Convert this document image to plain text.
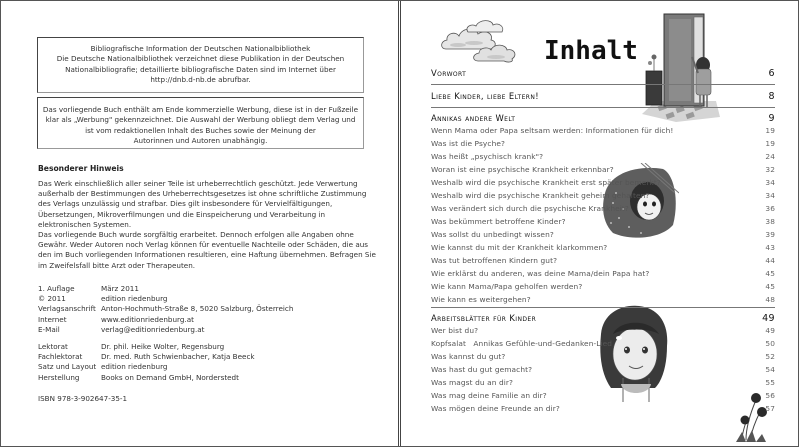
Bibliografische Information der Deutschen Nationalbibliothek

Die Deutsche Nationalbibliothek verzeichnet diese Publikation in der Deutschen

Nationalbibliografie; detaillierte bibliografische Daten sind im Internet über

http://dnb.d-nb.de abrufbar.

Das vorliegende Buch enthält am Ende kommerzielle Werbung, diese ist in der Fußzeile

klar als „Werbung" gekennzeichnet. Die Auswahl der Werbung obliegt dem Verlag und

ist vom redaktionellen Inhalt des Buches sowie der Meinung der

Autorinnen und Autoren unabhängig.

Besonderer Hinweis

Das Werk einschließlich aller seiner Teile ist urheberrechtlich geschützt. Jede Verwertung außerhalb der Bestimmungen des Urheberrechtsgesetzes ist ohne schriftliche Zustimmung des Verlags unzulässig und strafbar. Dies gilt insbesondere für Vervielfältigungen, Übersetzungen, Mikroverfilmungen und die Einspeicherung und Verarbeitung in elektronischen Systemen.

Das vorliegende Buch wurde sorgfältig erarbeitet. Dennoch erfolgen alle Angaben ohne Gewähr. Weder Autoren noch Verlag können für eventuelle Nachteile oder Schäden, die aus den im Buch vorliegenden Informationen resultieren, eine Haftung übernehmen. Befragen Sie im Zweifelsfall bitte Arzt oder Therapeuten.

1. Auflage	März 2011
© 2011	edition riedenburg
Verlagsanschrift	Anton-Hochmuth-Straße 8, 5020 Salzburg, Österreich
Internet	www.editionriedenburg.at
E-Mail	verlag@editionriedenburg.at
Lektorat	Dr. phil. Heike Wolter, Regensburg
Fachlektorat	Dr. med. Ruth Schwienbacher, Katja Beeck
Satz und Layout	edition riedenburg
Herstellung	Books on Demand GmbH, Norderstedt
ISBN 978-3-902647-35-1
Inhalt
Vorwort	6
Liebe Kinder, liebe Eltern!	8
Annikas andere Welt	9
Wenn Mama oder Papa seltsam werden: Informationen für dich!	19
Was ist die Psyche?	19
Was heißt „psychisch krank"?	24
Woran ist eine psychische Krankheit erkennbar?	32
Weshalb wird die psychische Krankheit erst später bemerkt?	34
Weshalb wird die psychische Krankheit geheim gehalten?	34
Was verändert sich durch die psychische Krankheit?	36
Was bekümmert betroffene Kinder?	38
Was sollst du unbedingt wissen?	39
Wie kannst du mit der Krankheit klarkommen?	43
Was tut betroffenen Kindern gut?	44
Wie erklärst du anderen, was deine Mama/dein Papa hat?	45
Wie kann Mama/Papa geholfen werden?	45
Wie kann es weitergehen?	48
Arbeitsblätter für Kinder	49
Wer bist du?	49
Kopfsalat   Annikas Gefühle-und-Gedanken-Lied	50
Was kannst du gut?	52
Was hast du gut gemacht?	54
Was magst du an dir?	55
Was mag deine Familie an dir?	56
Was mögen deine Freunde an dir?	57
